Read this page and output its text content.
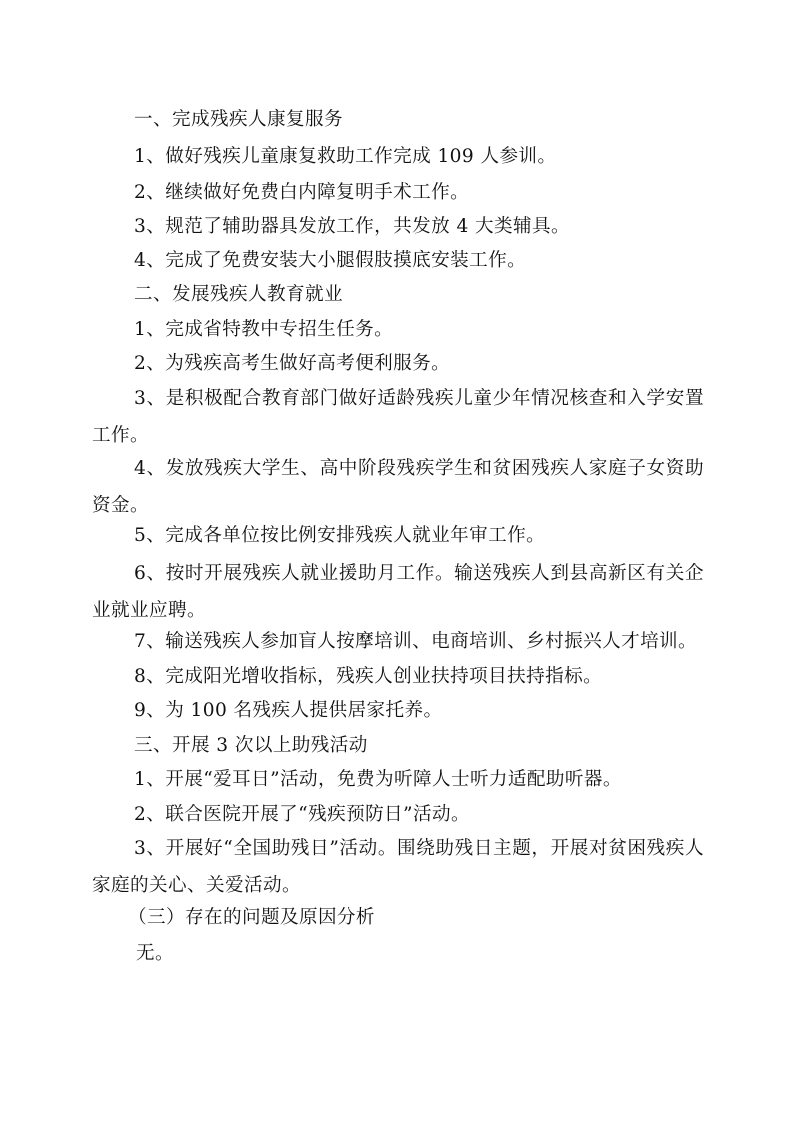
一、完成残疾人康复服务

1、做好残疾儿童康复救助工作完成 109 人参训。

2、继续做好免费白内障复明手术工作。

3、规范了辅助器具发放工作，共发放 4 大类辅具。

4、完成了免费安装大小腿假肢摸底安装工作。

二、发展残疾人教育就业

1、完成省特教中专招生任务。

2、为残疾高考生做好高考便利服务。

3、是积极配合教育部门做好适龄残疾儿童少年情况核查和入学安置工作。

4、发放残疾大学生、高中阶段残疾学生和贫困残疾人家庭子女资助资金。

5、完成各单位按比例安排残疾人就业年审工作。

6、按时开展残疾人就业援助月工作。输送残疾人到县高新区有关企业就业应聘。

7、输送残疾人参加盲人按摩培训、电商培训、乡村振兴人才培训。

8、完成阳光增收指标，残疾人创业扶持项目扶持指标。

9、为 100 名残疾人提供居家托养。

三、开展 3 次以上助残活动

1、开展“爱耳日”活动，免费为听障人士听力适配助听器。

2、联合医院开展了“残疾预防日”活动。

3、开展好“全国助残日”活动。围绕助残日主题，开展对贫困残疾人家庭的关心、关爱活动。

（三）存在的问题及原因分析

无。
